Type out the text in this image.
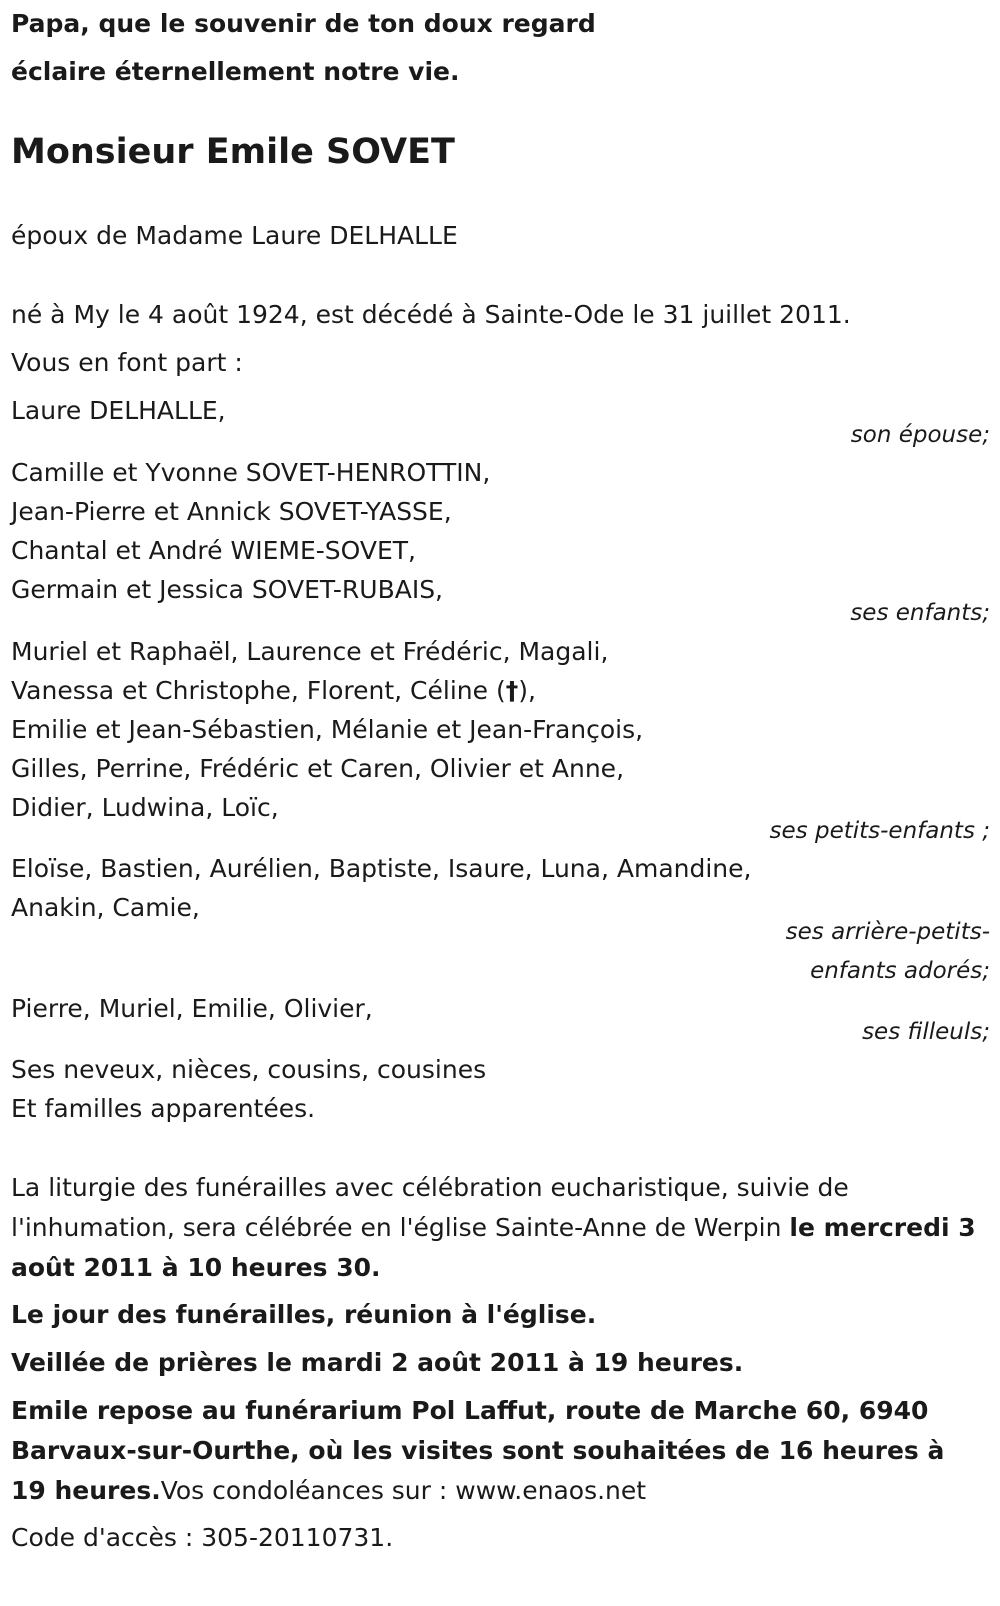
Papa, que le souvenir de ton doux regard
éclaire éternellement notre vie.
Monsieur Emile SOVET
époux de Madame Laure DELHALLE
né à My le 4 août 1924, est décédé à Sainte-Ode le 31 juillet 2011.
Vous en font part :
Laure DELHALLE,
son épouse;
Camille et Yvonne SOVET-HENROTTIN,
Jean-Pierre et Annick SOVET-YASSE,
Chantal et André WIEME-SOVET,
Germain et Jessica SOVET-RUBAIS,
ses enfants;
Muriel et Raphaël, Laurence et Frédéric, Magali,
Vanessa et Christophe, Florent, Céline (†),
Emilie et Jean-Sébastien, Mélanie et Jean-François,
Gilles, Perrine, Frédéric et Caren, Olivier et Anne,
Didier, Ludwina, Loïc,
ses petits-enfants ;
Eloïse, Bastien, Aurélien, Baptiste, Isaure, Luna, Amandine,
Anakin, Camie,
ses arrière-petits-
enfants adorés;
Pierre, Muriel, Emilie, Olivier,
ses filleuls;
Ses neveux, nièces, cousins, cousines
Et familles apparentées.
La liturgie des funérailles avec célébration eucharistique, suivie de l'inhumation, sera célébrée en l'église Sainte-Anne de Werpin le mercredi 3 août 2011 à 10 heures 30.
Le jour des funérailles, réunion à l'église.
Veillée de prières le mardi 2 août 2011 à 19 heures.
Emile repose au funérarium Pol Laffut, route de Marche 60, 6940 Barvaux-sur-Ourthe, où les visites sont souhaitées de 16 heures à 19 heures.Vos condoléances sur : www.enaos.net
Code d'accès : 305-20110731.
